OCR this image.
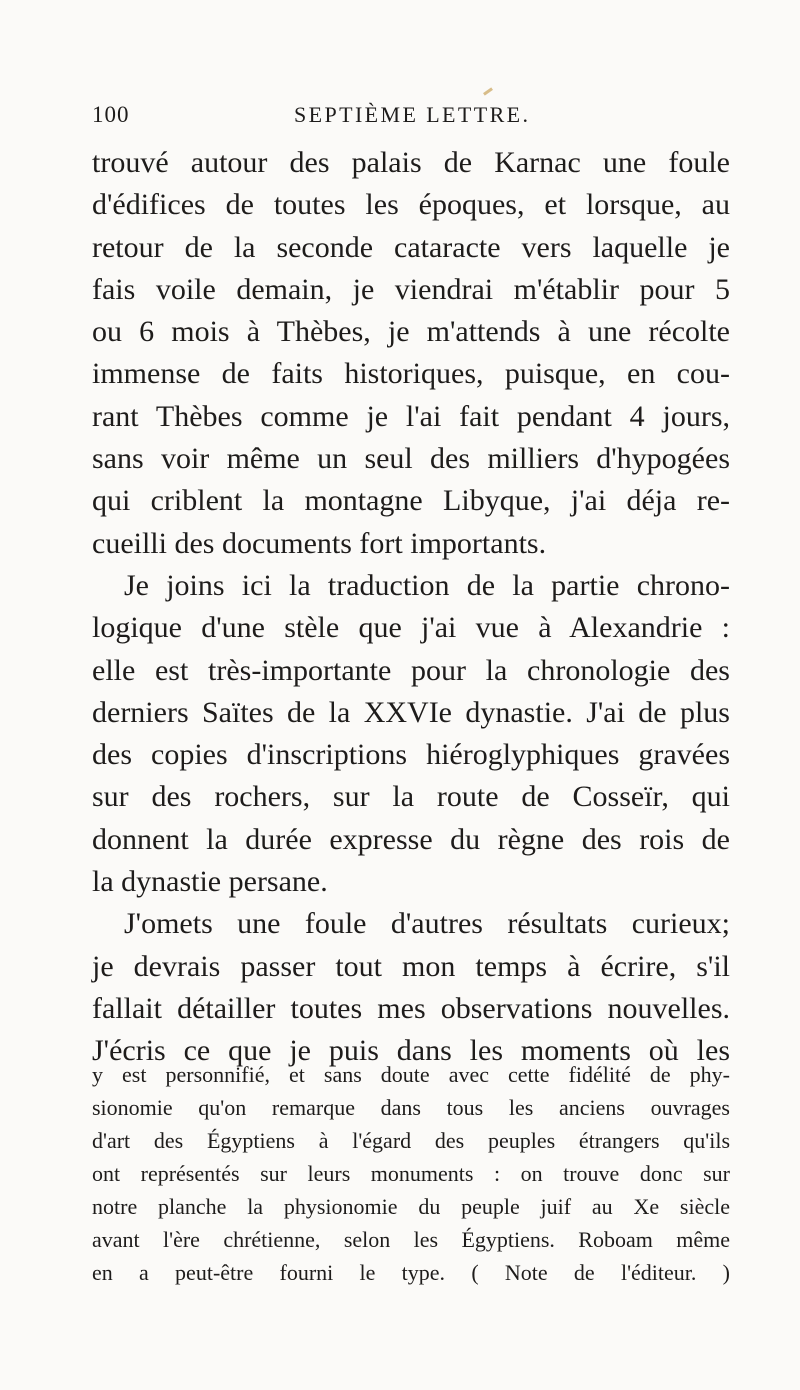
100	SEPTIÈME LETTRE.
trouvé autour des palais de Karnac une foule
d'édifices de toutes les époques, et lorsque, au
retour de la seconde cataracte vers laquelle je
fais voile demain, je viendrai m'établir pour 5
ou 6 mois à Thèbes, je m'attends à une récolte
immense de faits historiques, puisque, en cou-
rant Thèbes comme je l'ai fait pendant 4 jours,
sans voir même un seul des milliers d'hypogées
qui criblent la montagne Libyque, j'ai déja re-
cueilli des documents fort importants.
Je joins ici la traduction de la partie chrono-
logique d'une stèle que j'ai vue à Alexandrie :
elle est très-importante pour la chronologie des
derniers Saïtes de la XXVIe dynastie. J'ai de plus
des copies d'inscriptions hiéroglyphiques gravées
sur des rochers, sur la route de Cosseïr, qui
donnent la durée expresse du règne des rois de
la dynastie persane.
J'omets une foule d'autres résultats curieux;
je devrais passer tout mon temps à écrire, s'il
fallait détailler toutes mes observations nouvelles.
J'écris ce que je puis dans les moments où les
y est personnifié, et sans doute avec cette fidélité de phy-
sionomie qu'on remarque dans tous les anciens ouvrages
d'art des Égyptiens à l'égard des peuples étrangers qu'ils
ont représentés sur leurs monuments : on trouve donc sur
notre planche la physionomie du peuple juif au Xe siècle
avant l'ère chrétienne, selon les Égyptiens. Roboam même
en a peut-être fourni le type. ( Note de l'éditeur. )
